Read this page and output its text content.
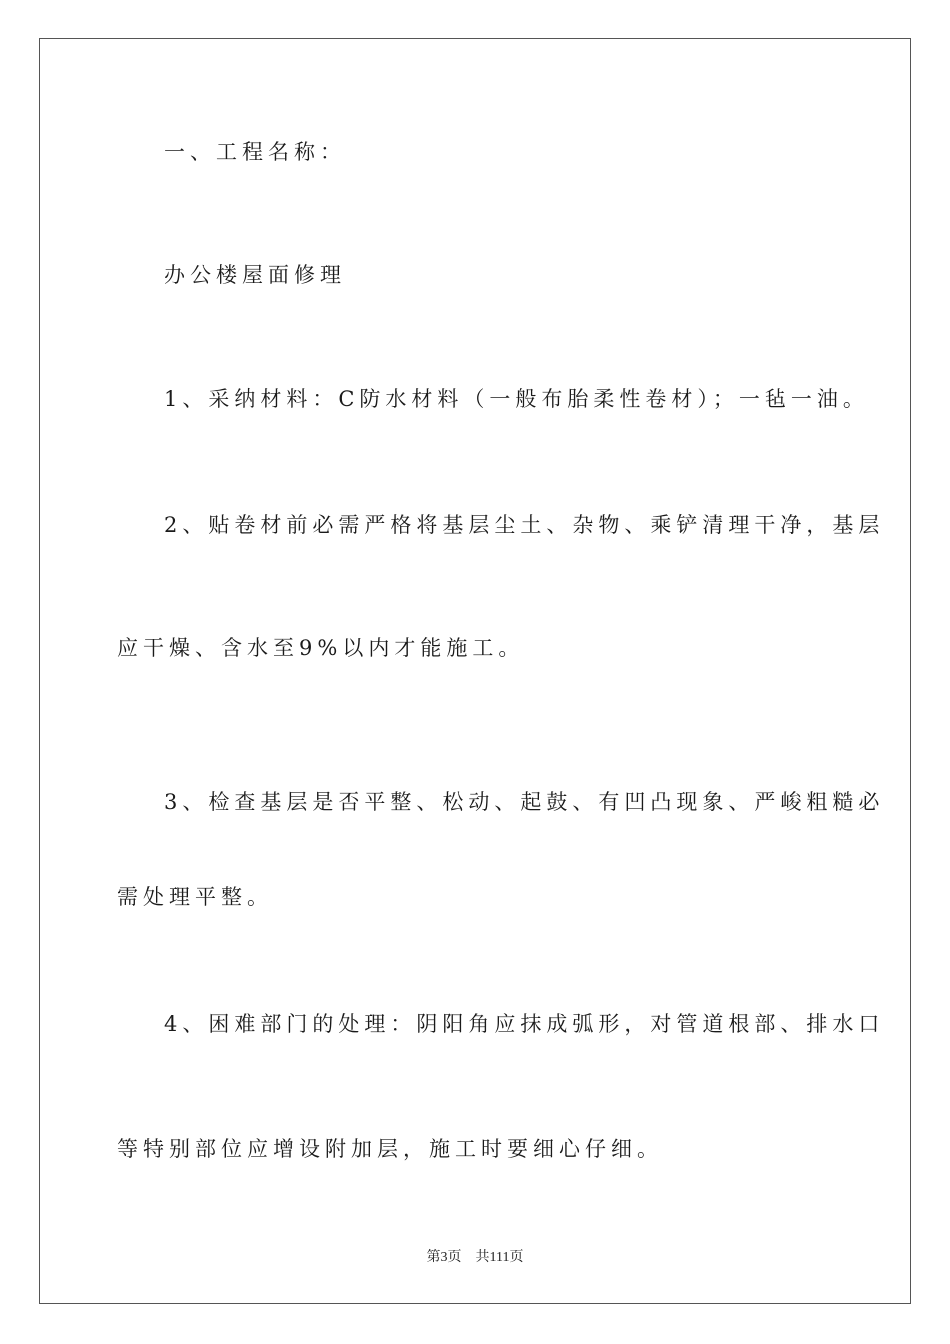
一、工程名称：
办公楼屋面修理
1、采纳材料：C防水材料（一般布胎柔性卷材）；一毡一油。
2、贴卷材前必需严格将基层尘土、杂物、乘铲清理干净，基层
应干燥、含水至9%以内才能施工。
3、检查基层是否平整、松动、起鼓、有凹凸现象、严峻粗糙必
需处理平整。
4、困难部门的处理：阴阳角应抹成弧形，对管道根部、排水口
等特别部位应增设附加层，施工时要细心仔细。
第3页 共111页
